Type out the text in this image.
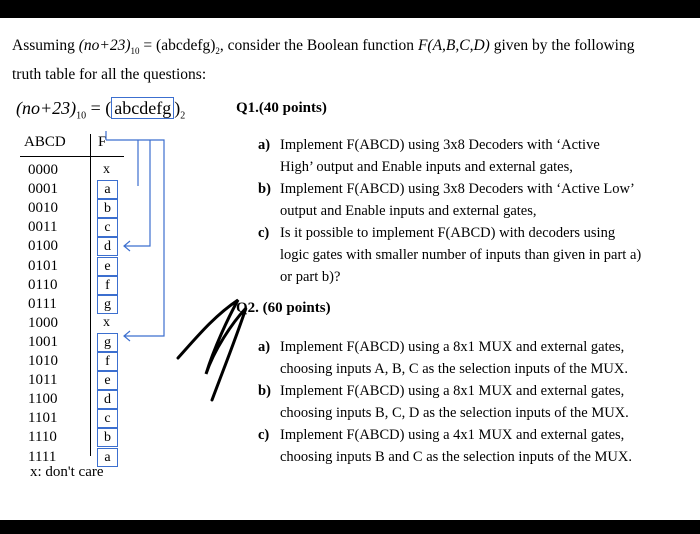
Assuming $(no+23)_{10}$ = $(abcdefg)_2$, consider the Boolean function F(A,B,C,D) given by the following
truth table for all the questions:
$(no+23)_{10}$ = ( abcdefg )$_2$
ABCD F
0000	x
0001	a
0010	b
0011	c
0100	d
0101	e
0110	f
0111	g
1000	x
1001	g
1010	f
1011	e
1100	d
1101	c
1110	b
1111	a
x: don't care
Q1.(40 points)
a) Implement F(ABCD) using 3x8 Decoders with ‘Active
High’ output and Enable inputs and external gates,
b) Implement F(ABCD) using 3x8 Decoders with ‘Active Low’
output and Enable inputs and external gates,
c) Is it possible to implement F(ABCD) with decoders using
logic gates with smaller number of inputs than given in part a)
or part b)?
Q2. (60 points)
a) Implement F(ABCD) using a 8x1 MUX and external gates,
choosing inputs A, B, C as the selection inputs of the MUX.
b) Implement F(ABCD) using a 8x1 MUX and external gates,
choosing inputs B, C, D as the selection inputs of the MUX.
c) Implement F(ABCD) using a 4x1 MUX and external gates,
choosing inputs B and C as the selection inputs of the MUX.
